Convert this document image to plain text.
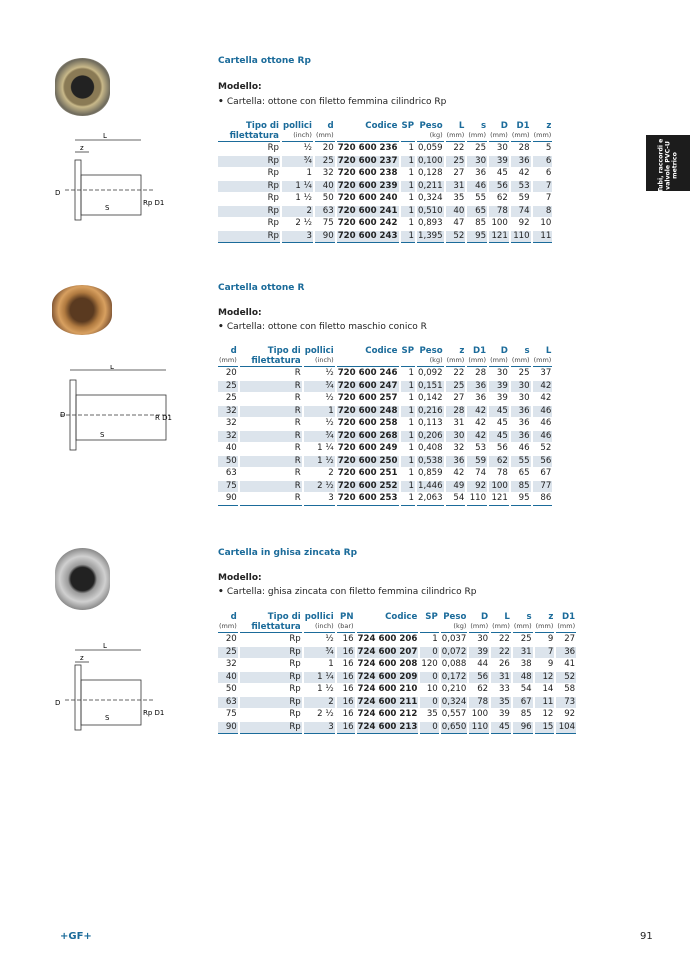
Tubi, raccordi e valvole PVC-U metrico
L
z
D
S
Rp D1
L
D
S
R D1
L
z
D
S
Rp D1
Cartella ottone Rp
Modello:
• Cartella: ottone con filetto femmina cilindrico Rp
Tipo di filettatura	pollici
(inch)	d
(mm)	Codice	SP	Peso
(kg)	L
(mm)	s
(mm)	D
(mm)	D1
(mm)	z
(mm)

Rp	½	20	720 600 236	1	0,059	22	25	30	28	5
Rp	¾	25	720 600 237	1	0,100	25	30	39	36	6
Rp	1	32	720 600 238	1	0,128	27	36	45	42	6
Rp	1 ¼	40	720 600 239	1	0,211	31	46	56	53	7
Rp	1 ½	50	720 600 240	1	0,324	35	55	62	59	7
Rp	2	63	720 600 241	1	0,510	40	65	78	74	8
Rp	2 ½	75	720 600 242	1	0,893	47	85	100	92	10
Rp	3	90	720 600 243	1	1,395	52	95	121	110	11
Cartella ottone R
Modello:
• Cartella: ottone con filetto maschio conico R
d
(mm)	Tipo di filettatura	pollici
(inch)	Codice	SP	Peso
(kg)	z
(mm)	D1
(mm)	D
(mm)	s
(mm)	L
(mm)

20	R	½	720 600 246	1	0,092	22	28	30	25	37
25	R	¾	720 600 247	1	0,151	25	36	39	30	42
25	R	½	720 600 257	1	0,142	27	36	39	30	42
32	R	1	720 600 248	1	0,216	28	42	45	36	46
32	R	½	720 600 258	1	0,113	31	42	45	36	46
32	R	¾	720 600 268	1	0,206	30	42	45	36	46
40	R	1 ¼	720 600 249	1	0,408	32	53	56	46	52
50	R	1 ½	720 600 250	1	0,538	36	59	62	55	56
63	R	2	720 600 251	1	0,859	42	74	78	65	67
75	R	2 ½	720 600 252	1	1,446	49	92	100	85	77
90	R	3	720 600 253	1	2,063	54	110	121	95	86
Cartella in ghisa zincata Rp
Modello:
• Cartella: ghisa zincata con filetto femmina cilindrico Rp
d
(mm)	Tipo di filettatura	pollici
(inch)	PN
(bar)	Codice	SP	Peso
(kg)	D
(mm)	L
(mm)	s
(mm)	z
(mm)	D1
(mm)

20	Rp	½	16	724 600 206	1	0,037	30	22	25	9	27
25	Rp	¾	16	724 600 207	0	0,072	39	22	31	7	36
32	Rp	1	16	724 600 208	120	0,088	44	26	38	9	41
40	Rp	1 ¼	16	724 600 209	0	0,172	56	31	48	12	52
50	Rp	1 ½	16	724 600 210	10	0,210	62	33	54	14	58
63	Rp	2	16	724 600 211	0	0,324	78	35	67	11	73
75	Rp	2 ½	16	724 600 212	35	0,557	100	39	85	12	92
90	Rp	3	16	724 600 213	0	0,650	110	45	96	15	104
+GF+	91
